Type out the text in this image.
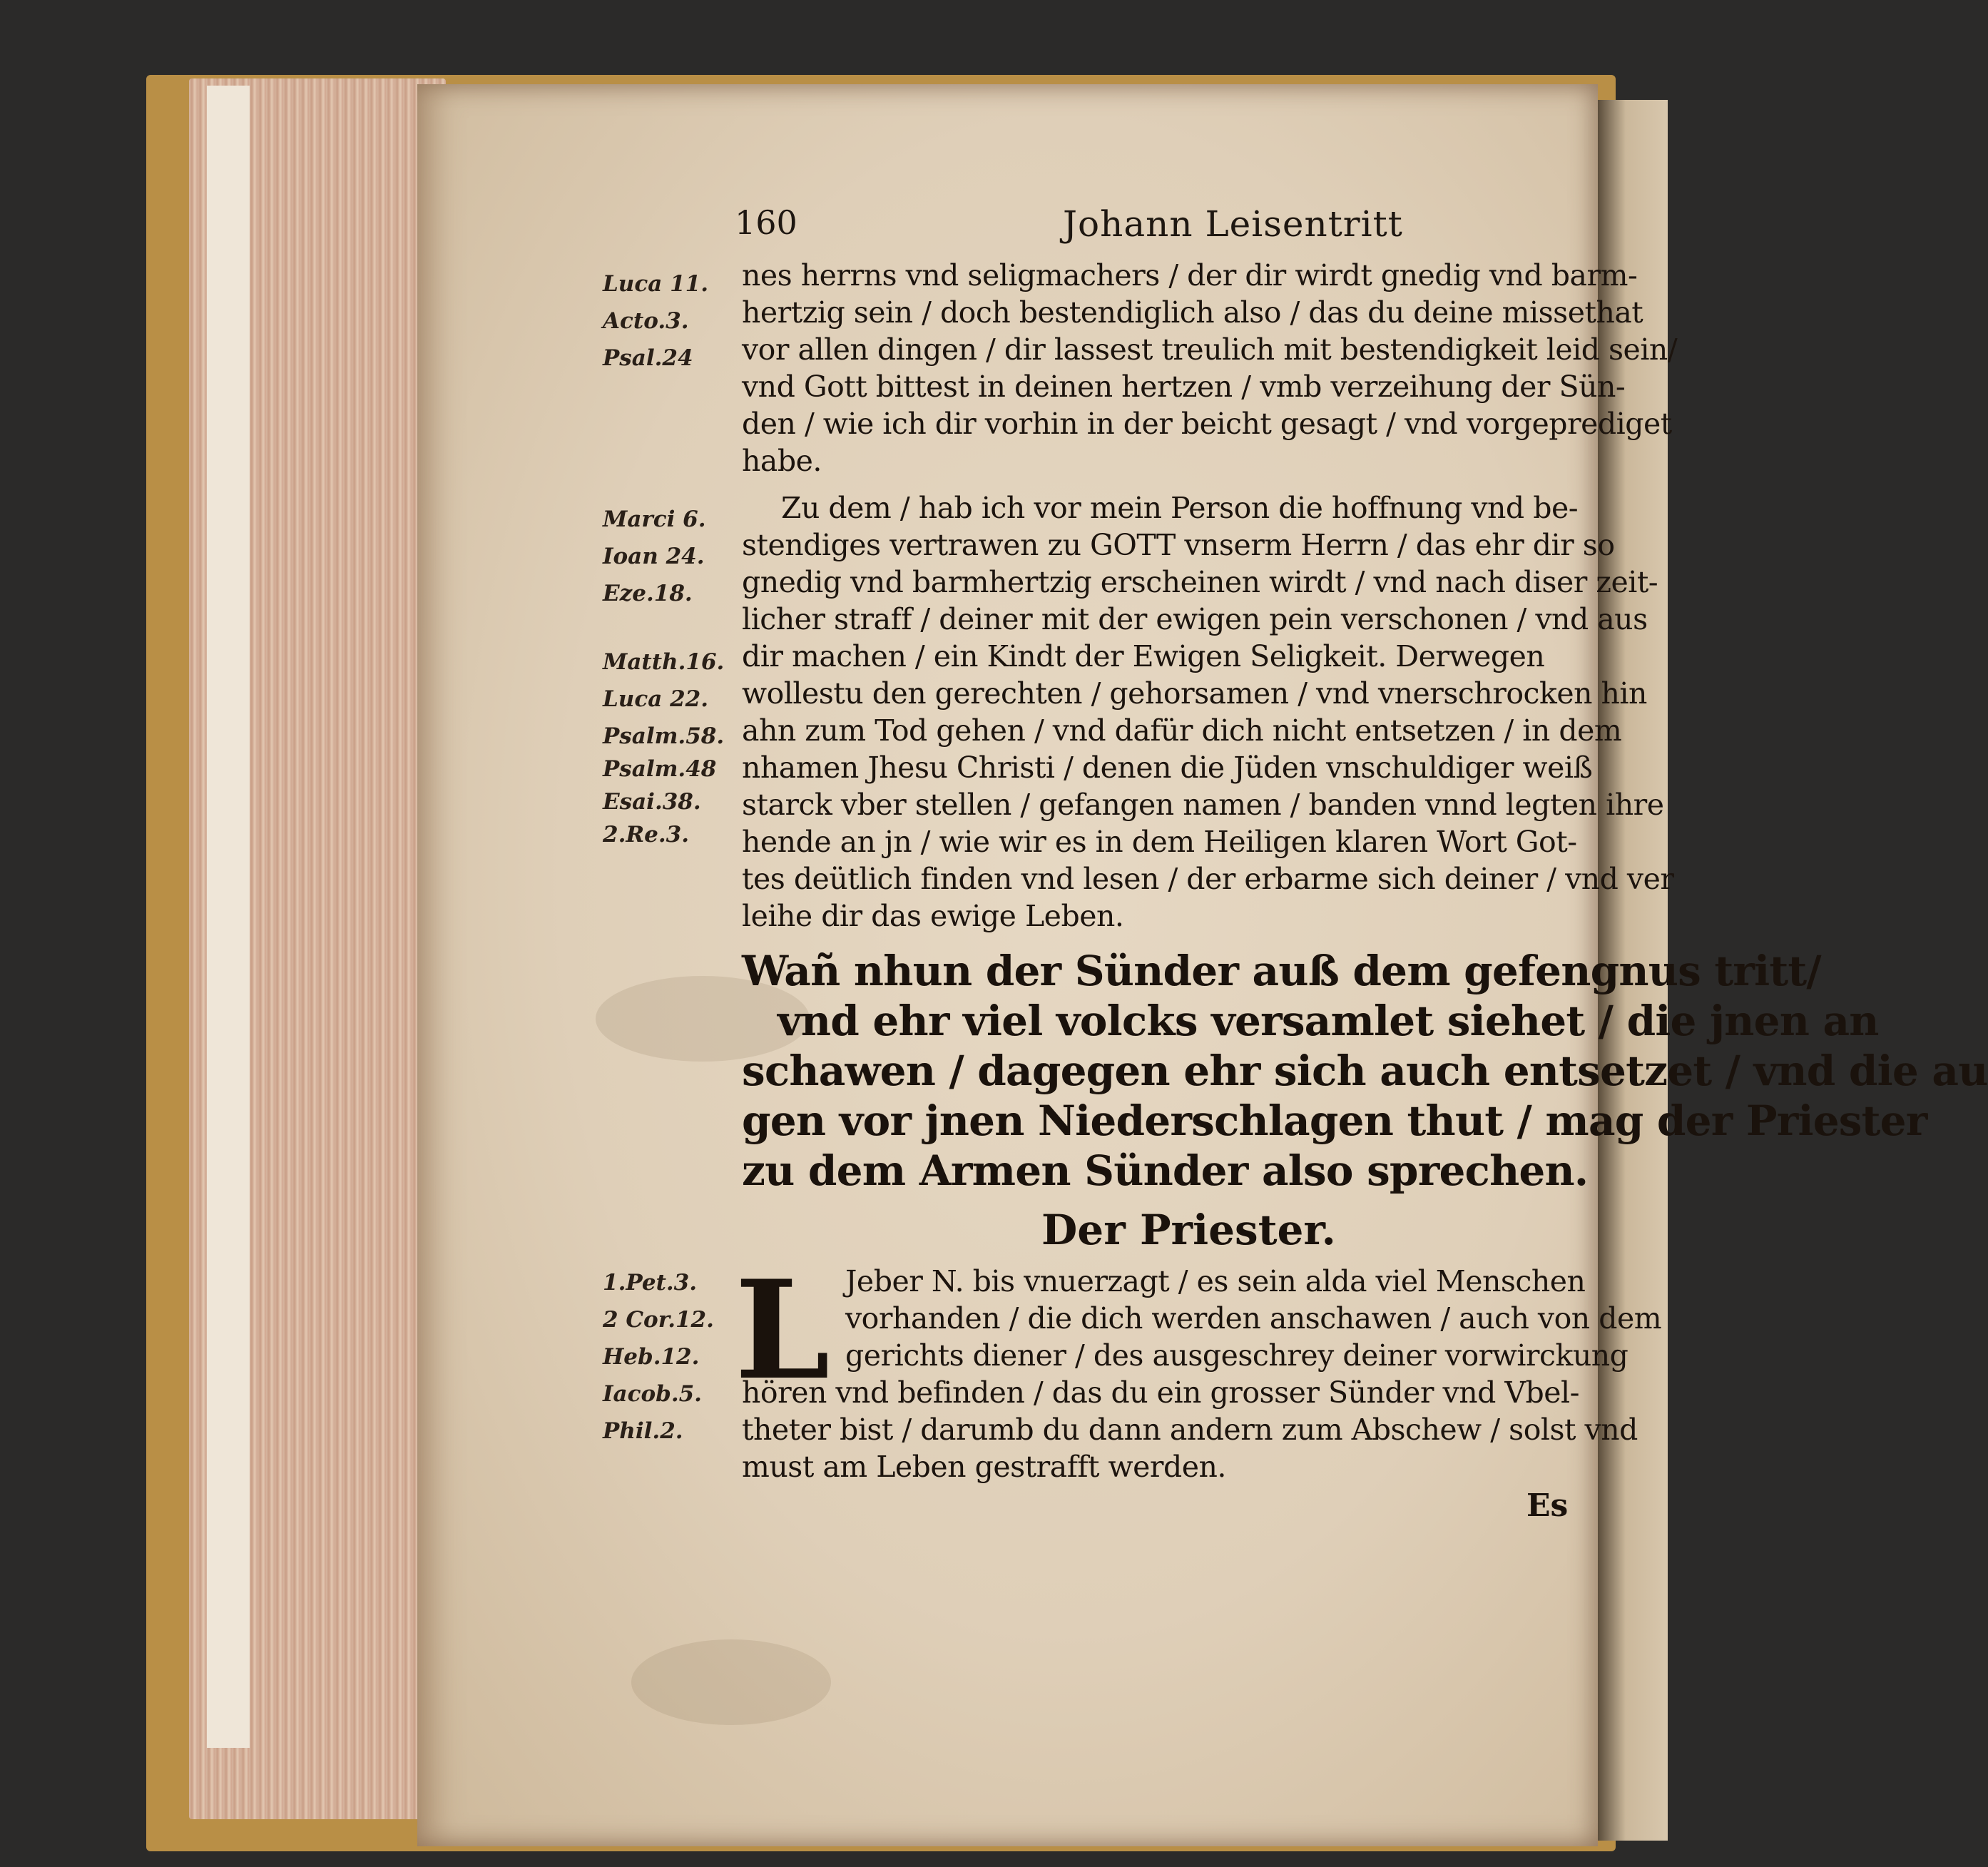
160	Johann Leisentritt
Luca 11.
Acto.3.
Psal.24
Marci 6.
Ioan 24.
Eze.18.
Matth.16.
Luca 22.
Psalm.58.
Psalm.48
Esai.38.
2.Re.3.
1.Pet.3.
2 Cor.12.
Heb.12.
Iacob.5.
Phil.2.
nes herrns vnd seligmachers / der dir wirdt gnedig vnd barm-
hertzig sein / doch bestendiglich also / das du deine missethat
vor allen dingen / dir lassest treulich mit bestendigkeit leid sein/
vnd Gott bittest in deinen hertzen / vmb verzeihung der Sün-
den / wie ich dir vorhin in der beicht gesagt / vnd vorgeprediget
habe.
Zu dem / hab ich vor mein Person die hoffnung vnd be-
stendiges vertrawen zu GOTT vnserm Herrn / das ehr dir so
gnedig vnd barmhertzig erscheinen wirdt / vnd nach diser zeit-
licher straff / deiner mit der ewigen pein verschonen / vnd aus
dir machen / ein Kindt der Ewigen Seligkeit. Derwegen
wollestu den gerechten / gehorsamen / vnd vnerschrocken hin
ahn zum Tod gehen / vnd dafür dich nicht entsetzen / in dem
nhamen Jhesu Christi / denen die Jüden vnschuldiger weiß
starck vber stellen / gefangen namen / banden vnnd legten ihre
hende an jn / wie wir es in dem Heiligen klaren Wort Got-
tes deütlich finden vnd lesen / der erbarme sich deiner / vnd ver
leihe dir das ewige Leben.
Wañ nhun der Sünder auß dem gefengnus tritt/
vnd ehr viel volcks versamlet siehet / die jnen an
schawen / dagegen ehr sich auch entsetzet / vnd die au
gen vor jnen Niederschlagen thut / mag der Priester
zu dem Armen Sünder also sprechen.
Jeber N. bis vnuerzagt / es sein alda viel Menschen
vorhanden / die dich werden anschawen / auch von dem
gerichts diener / des ausgeschrey deiner vorwirckung
hören vnd befinden / das du ein grosser Sünder vnd Vbel-
theter bist / darumb du dann andern zum Abschew / solst vnd
must am Leben gestrafft werden.
Der Priester.
L
Es
